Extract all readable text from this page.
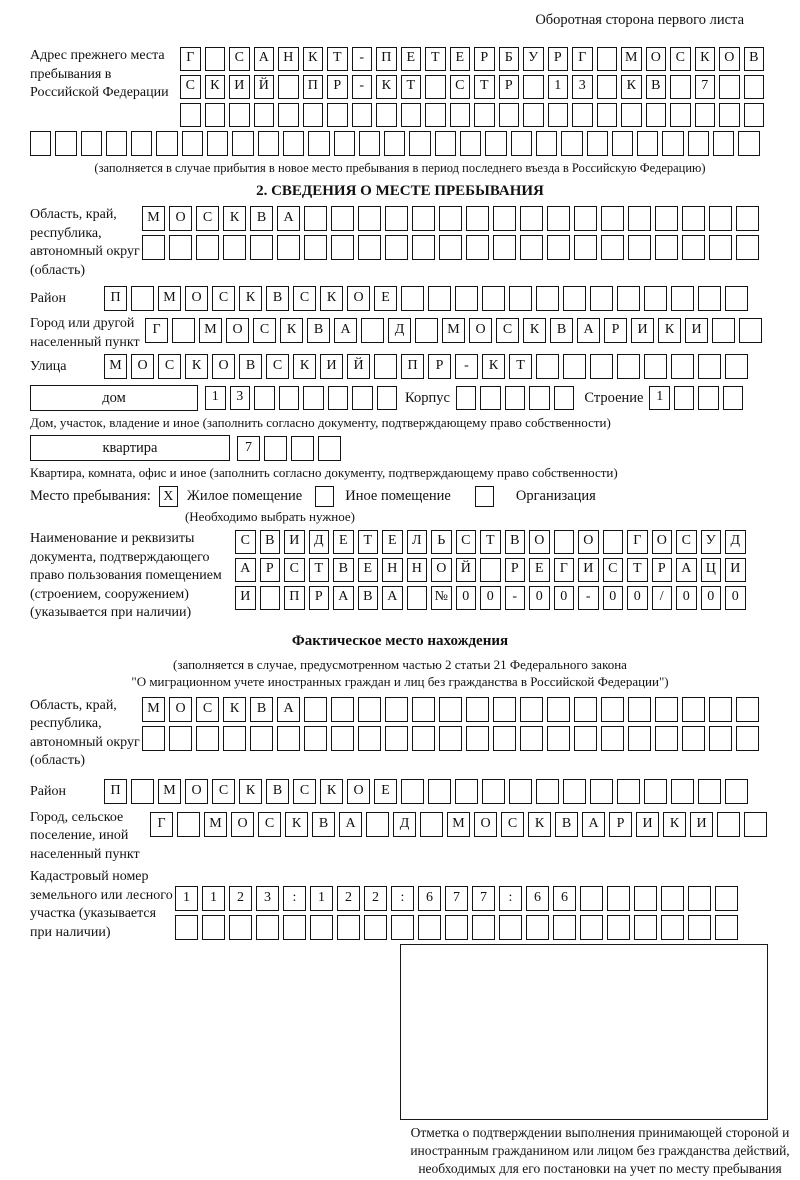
Оборотная сторона первого листа
Адрес прежнего места пребывания в Российской Федерации
Г	С	А	Н	К	Т	-	П	Е	Т	Е	Р	Б	У	Р	Г	М О	С	К	О	В
С	К	И	Й	П	Р	-	К	Т	С	Т	Р	1	3	К	В	7
(заполняется в случае прибытия в новое место пребывания в период последнего въезда в Российскую Федерацию)
2. СВЕДЕНИЯ О МЕСТЕ ПРЕБЫВАНИЯ
Область, край, республика, автономный округ (область)
М	О	С	К	В	А
Район	П	М	О	С	К	В	С	К	О	Е
Город или другой населенный пункт
Г	М	О	С	К	В	А	Д	М	О	С	К	В	А	Р	И	К	И
Улица	М	О	С	К	О	В	С	К	И	Й	П	Р	-	К	Т
дом	1	3	Корпус	Строение 1
Дом, участок, владение и иное (заполнить согласно документу, подтверждающему право собственности)
квартира	7
Квартира, комната, офис и иное (заполнить согласно документу, подтверждающему право собственности)
Место пребывания: X Жилое помещение	Иное помещение	Организация
(Необходимо выбрать нужное)
Наименование и реквизиты документа, подтверждающего право пользования помещением (строением, сооружением) (указывается при наличии)
С	В	И	Д	Е	Т	Е	Л	Ь	С	Т	В	О	О	Г	О	С	У	Д
А	Р	С	Т	В	Е	Н	Н	О	Й	Р	Е	Г	И	С	Т	Р	А	Ц	И
И	П	Р	А	В	А	№	0	0	-	0	0	-	0	0	/	0	0	0
Фактическое место нахождения
(заполняется в случае, предусмотренном частью 2 статьи 21 Федерального закона
"О миграционном учете иностранных граждан и лиц без гражданства в Российской Федерации")
Область, край, республика, автономный округ (область)
М	О	С	К	В	А
Район	П	М	О	С	К	В	С	К	О	Е
Город, сельское поселение, иной населенный пункт
Г	М	О	С	К	В	А	Д	М	О	С	К	В	А	Р	И	К	И
Кадастровый номер земельного или лесного участка (указывается при наличии)
1	1	2	3	:	1	2	2	:	6	7	7	:	6	6
Отметка о подтверждении выполнения принимающей стороной и иностранным гражданином или лицом без гражданства действий, необходимых для его постановки на учет по месту пребывания
